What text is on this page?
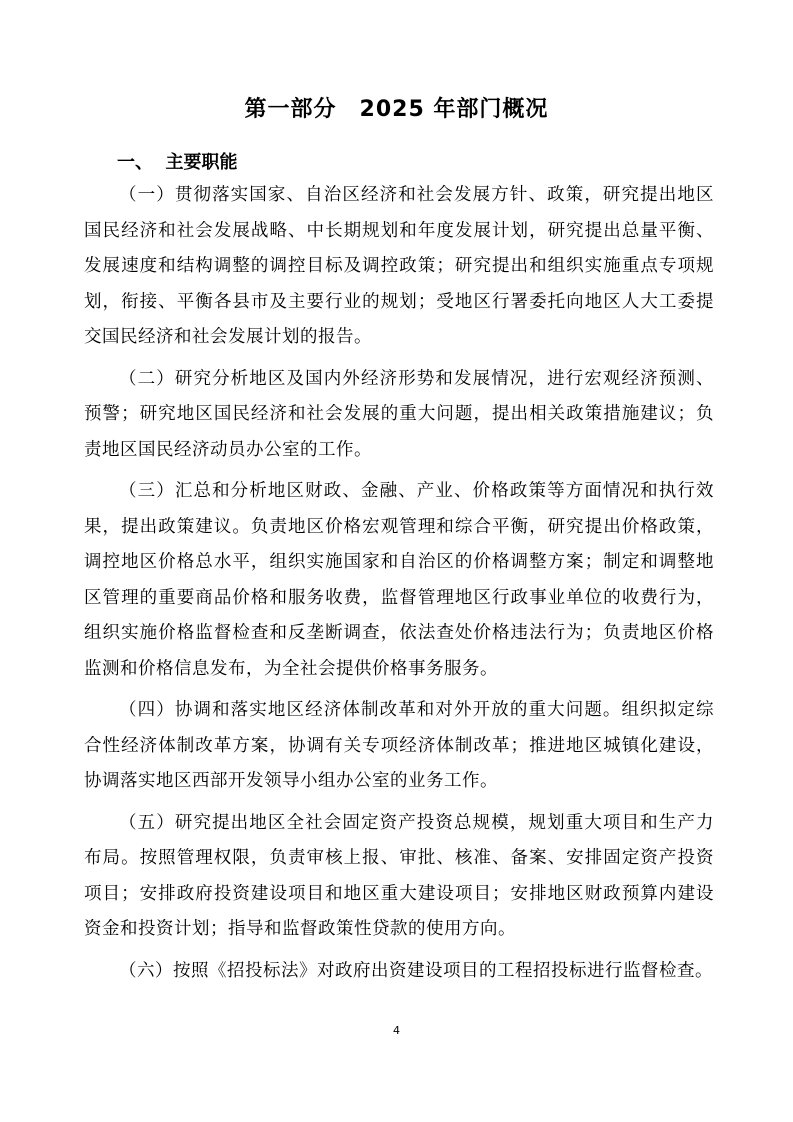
第一部分　2025 年部门概况
一、  主要职能

（一）贯彻落实国家、自治区经济和社会发展方针、政策，研究提出地区
国民经济和社会发展战略、中长期规划和年度发展计划，研究提出总量平衡、
发展速度和结构调整的调控目标及调控政策；研究提出和组织实施重点专项规
划，衔接、平衡各县市及主要行业的规划；受地区行署委托向地区人大工委提
交国民经济和社会发展计划的报告。

（二）研究分析地区及国内外经济形势和发展情况，进行宏观经济预测、
预警；研究地区国民经济和社会发展的重大问题，提出相关政策措施建议；负
责地区国民经济动员办公室的工作。

（三）汇总和分析地区财政、金融、产业、价格政策等方面情况和执行效
果，提出政策建议。负责地区价格宏观管理和综合平衡，研究提出价格政策，
调控地区价格总水平，组织实施国家和自治区的价格调整方案；制定和调整地
区管理的重要商品价格和服务收费，监督管理地区行政事业单位的收费行为，
组织实施价格监督检查和反垄断调查，依法查处价格违法行为；负责地区价格
监测和价格信息发布，为全社会提供价格事务服务。

（四）协调和落实地区经济体制改革和对外开放的重大问题。组织拟定综
合性经济体制改革方案，协调有关专项经济体制改革；推进地区城镇化建设，
协调落实地区西部开发领导小组办公室的业务工作。

（五）研究提出地区全社会固定资产投资总规模，规划重大项目和生产力
布局。按照管理权限，负责审核上报、审批、核准、备案、安排固定资产投资
项目；安排政府投资建设项目和地区重大建设项目；安排地区财政预算内建设
资金和投资计划；指导和监督政策性贷款的使用方向。

（六）按照《招投标法》对政府出资建设项目的工程招投标进行监督检查。

4
